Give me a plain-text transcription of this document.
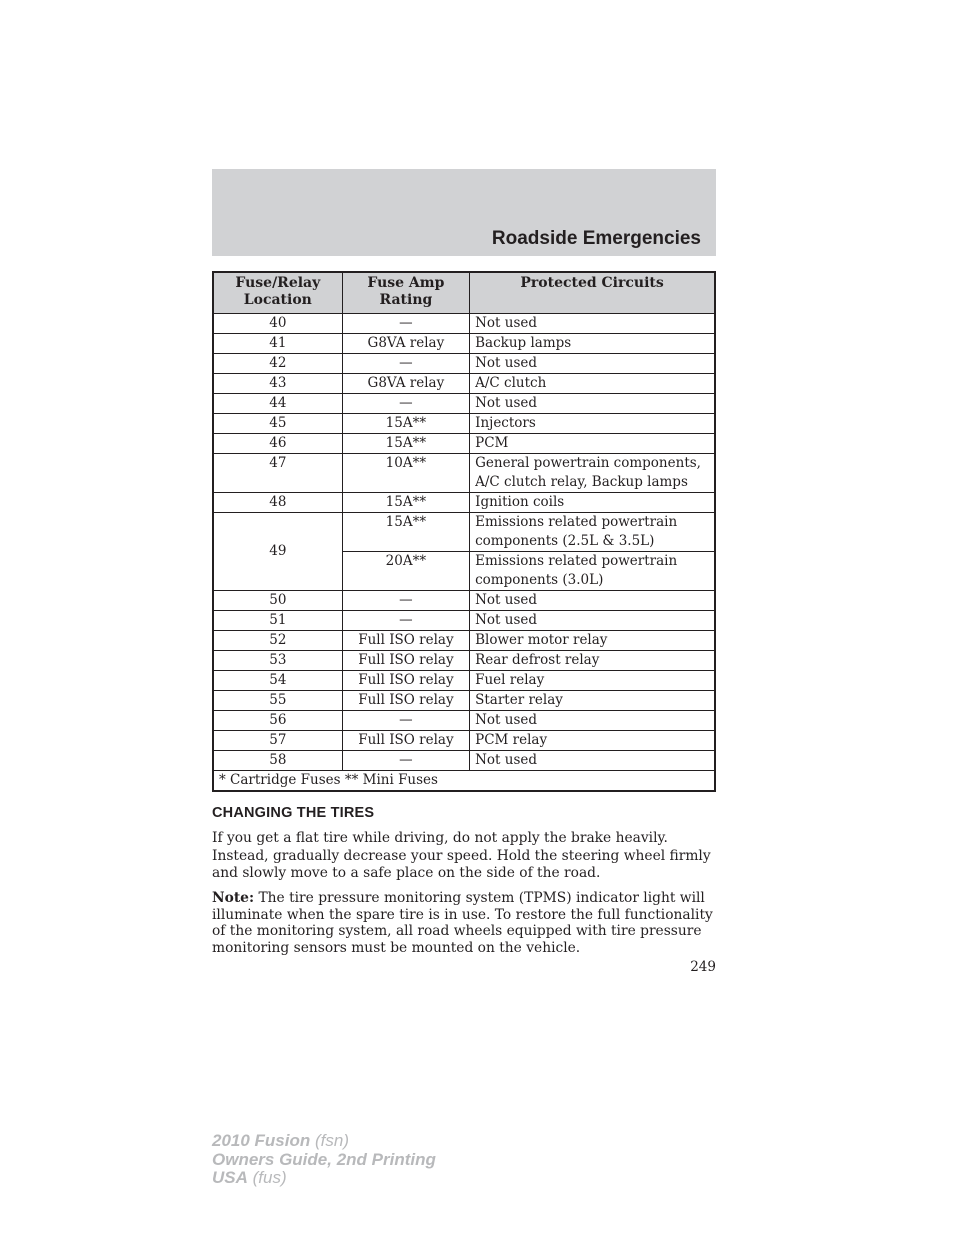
Roadside Emergencies
Fuse/Relay Location	Fuse Amp Rating	Protected Circuits
40	—	Not used
41	G8VA relay	Backup lamps
42	—	Not used
43	G8VA relay	A/C clutch
44	—	Not used
45	15A**	Injectors
46	15A**	PCM
47	10A**	General powertrain components, A/C clutch relay, Backup lamps
48	15A**	Ignition coils
49	15A**	Emissions related powertrain components (2.5L & 3.5L)
	20A**	Emissions related powertrain components (3.0L)
50	—	Not used
51	—	Not used
52	Full ISO relay	Blower motor relay
53	Full ISO relay	Rear defrost relay
54	Full ISO relay	Fuel relay
55	Full ISO relay	Starter relay
56	—	Not used
57	Full ISO relay	PCM relay
58	—	Not used
* Cartridge Fuses ** Mini Fuses		
CHANGING THE TIRES
If you get a flat tire while driving, do not apply the brake heavily. Instead, gradually decrease your speed. Hold the steering wheel firmly and slowly move to a safe place on the side of the road.
Note: The tire pressure monitoring system (TPMS) indicator light will illuminate when the spare tire is in use. To restore the full functionality of the monitoring system, all road wheels equipped with tire pressure monitoring sensors must be mounted on the vehicle.
249
2010 Fusion (fsn)
Owners Guide, 2nd Printing
USA (fus)
